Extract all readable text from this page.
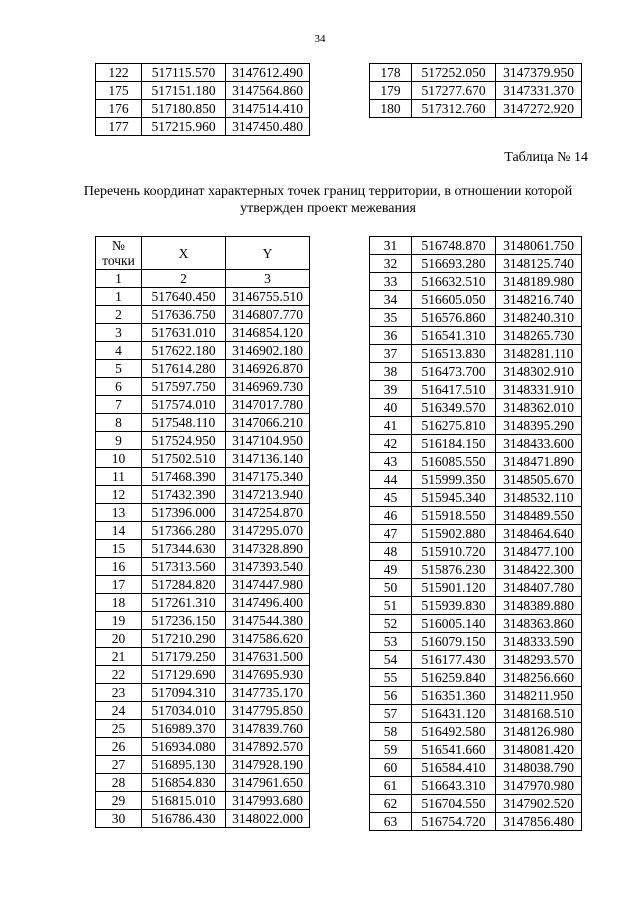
34
122	517115.570	3147612.490
175	517151.180	3147564.860
176	517180.850	3147514.410
177	517215.960	3147450.480
178	517252.050	3147379.950
179	517277.670	3147331.370
180	517312.760	3147272.920
Таблица № 14
Перечень координат характерных точек границ территории, в отношении которой
утвержден проект межевания
№
точки	X	Y
1	2	3
1	517640.450	3146755.510
2	517636.750	3146807.770
3	517631.010	3146854.120
4	517622.180	3146902.180
5	517614.280	3146926.870
6	517597.750	3146969.730
7	517574.010	3147017.780
8	517548.110	3147066.210
9	517524.950	3147104.950
10	517502.510	3147136.140
11	517468.390	3147175.340
12	517432.390	3147213.940
13	517396.000	3147254.870
14	517366.280	3147295.070
15	517344.630	3147328.890
16	517313.560	3147393.540
17	517284.820	3147447.980
18	517261.310	3147496.400
19	517236.150	3147544.380
20	517210.290	3147586.620
21	517179.250	3147631.500
22	517129.690	3147695.930
23	517094.310	3147735.170
24	517034.010	3147795.850
25	516989.370	3147839.760
26	516934.080	3147892.570
27	516895.130	3147928.190
28	516854.830	3147961.650
29	516815.010	3147993.680
30	516786.430	3148022.000
31	516748.870	3148061.750
32	516693.280	3148125.740
33	516632.510	3148189.980
34	516605.050	3148216.740
35	516576.860	3148240.310
36	516541.310	3148265.730
37	516513.830	3148281.110
38	516473.700	3148302.910
39	516417.510	3148331.910
40	516349.570	3148362.010
41	516275.810	3148395.290
42	516184.150	3148433.600
43	516085.550	3148471.890
44	515999.350	3148505.670
45	515945.340	3148532.110
46	515918.550	3148489.550
47	515902.880	3148464.640
48	515910.720	3148477.100
49	515876.230	3148422.300
50	515901.120	3148407.780
51	515939.830	3148389.880
52	516005.140	3148363.860
53	516079.150	3148333.590
54	516177.430	3148293.570
55	516259.840	3148256.660
56	516351.360	3148211.950
57	516431.120	3148168.510
58	516492.580	3148126.980
59	516541.660	3148081.420
60	516584.410	3148038.790
61	516643.310	3147970.980
62	516704.550	3147902.520
63	516754.720	3147856.480
